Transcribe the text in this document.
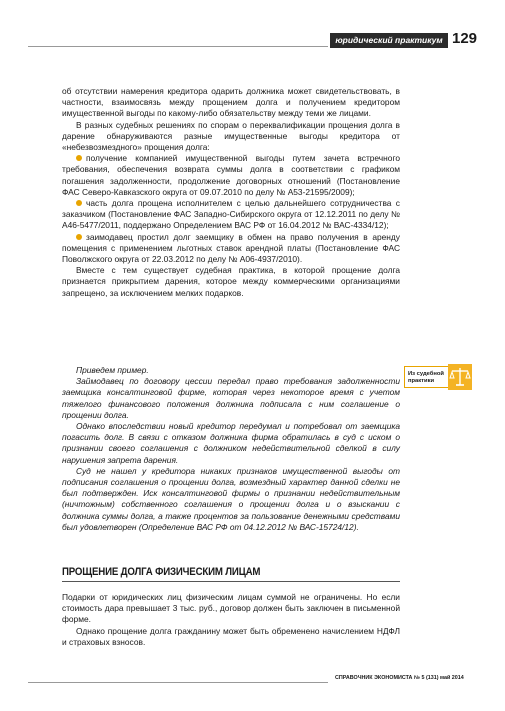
юридический практикум 129

об отсутствии намерения кредитора одарить должника может свидетельствовать, в частности, взаимосвязь между прощением долга и получением кредитором имущественной выгоды по какому-либо обязательству между теми же лицами.

В разных судебных решениях по спорам о переквалификации прощения долга в дарение обнаруживаются разные имущественные выгоды кредитора от «небезвозмездного» прощения долга:

получение компанией имущественной выгоды путем зачета встречного требования, обеспечения возврата суммы долга в соответствии с графиком погашения задолженности, продолжение договорных отношений (Постановление ФАС Северо-Кавказского округа от 09.07.2010 по делу № А53-21595/2009);

часть долга прощена исполнителем с целью дальнейшего сотрудничества с заказчиком (Постановление ФАС Западно-Сибирского округа от 12.12.2011 по делу № А46-5477/2011, поддержано Определением ВАС РФ от 16.04.2012 № ВАС-4334/12);

заимодавец простил долг заемщику в обмен на право получения в аренду помещения с применением льготных ставок арендной платы (Постановление ФАС Поволжского округа от 22.03.2012 по делу № А06-4937/2010).

Вместе с тем существует судебная практика, в которой прощение долга признается прикрытием дарения, которое между коммерческими организациями запрещено, за исключением мелких подарков.

Приведем пример.

Займодавец по договору цессии передал право требования задолженности заемщика консалтинговой фирме, которая через некоторое время с учетом тяжелого финансового положения должника подписала с ним соглашение о прощении долга.

Однако впоследствии новый кредитор передумал и потребовал от заемщика погасить долг. В связи с отказом должника фирма обратилась в суд с иском о признании своего соглашения с должником недействительной сделкой в силу нарушения запрета дарения.

Суд не нашел у кредитора никаких признаков имущественной выгоды от подписания соглашения о прощении долга, возмездный характер данной сделки не был подтвержден. Иск консалтинговой фирмы о признании недействительным (ничтожным) собственного соглашения о прощении долга и о взыскании с должника суммы долга, а также процентов за пользование денежными средствами был удовлетворен (Определение ВАС РФ от 04.12.2012 № ВАС-15724/12).

Из судебной практики
ПРОЩЕНИЕ ДОЛГА ФИЗИЧЕСКИМ ЛИЦАМ

Подарки от юридических лиц физическим лицам суммой не ограничены. Но если стоимость дара превышает 3 тыс. руб., договор должен быть заключен в письменной форме.

Однако прощение долга гражданину может быть обременено начислением НДФЛ и страховых взносов.

СПРАВОЧНИК ЭКОНОМИСТА № 5 (131) май 2014
